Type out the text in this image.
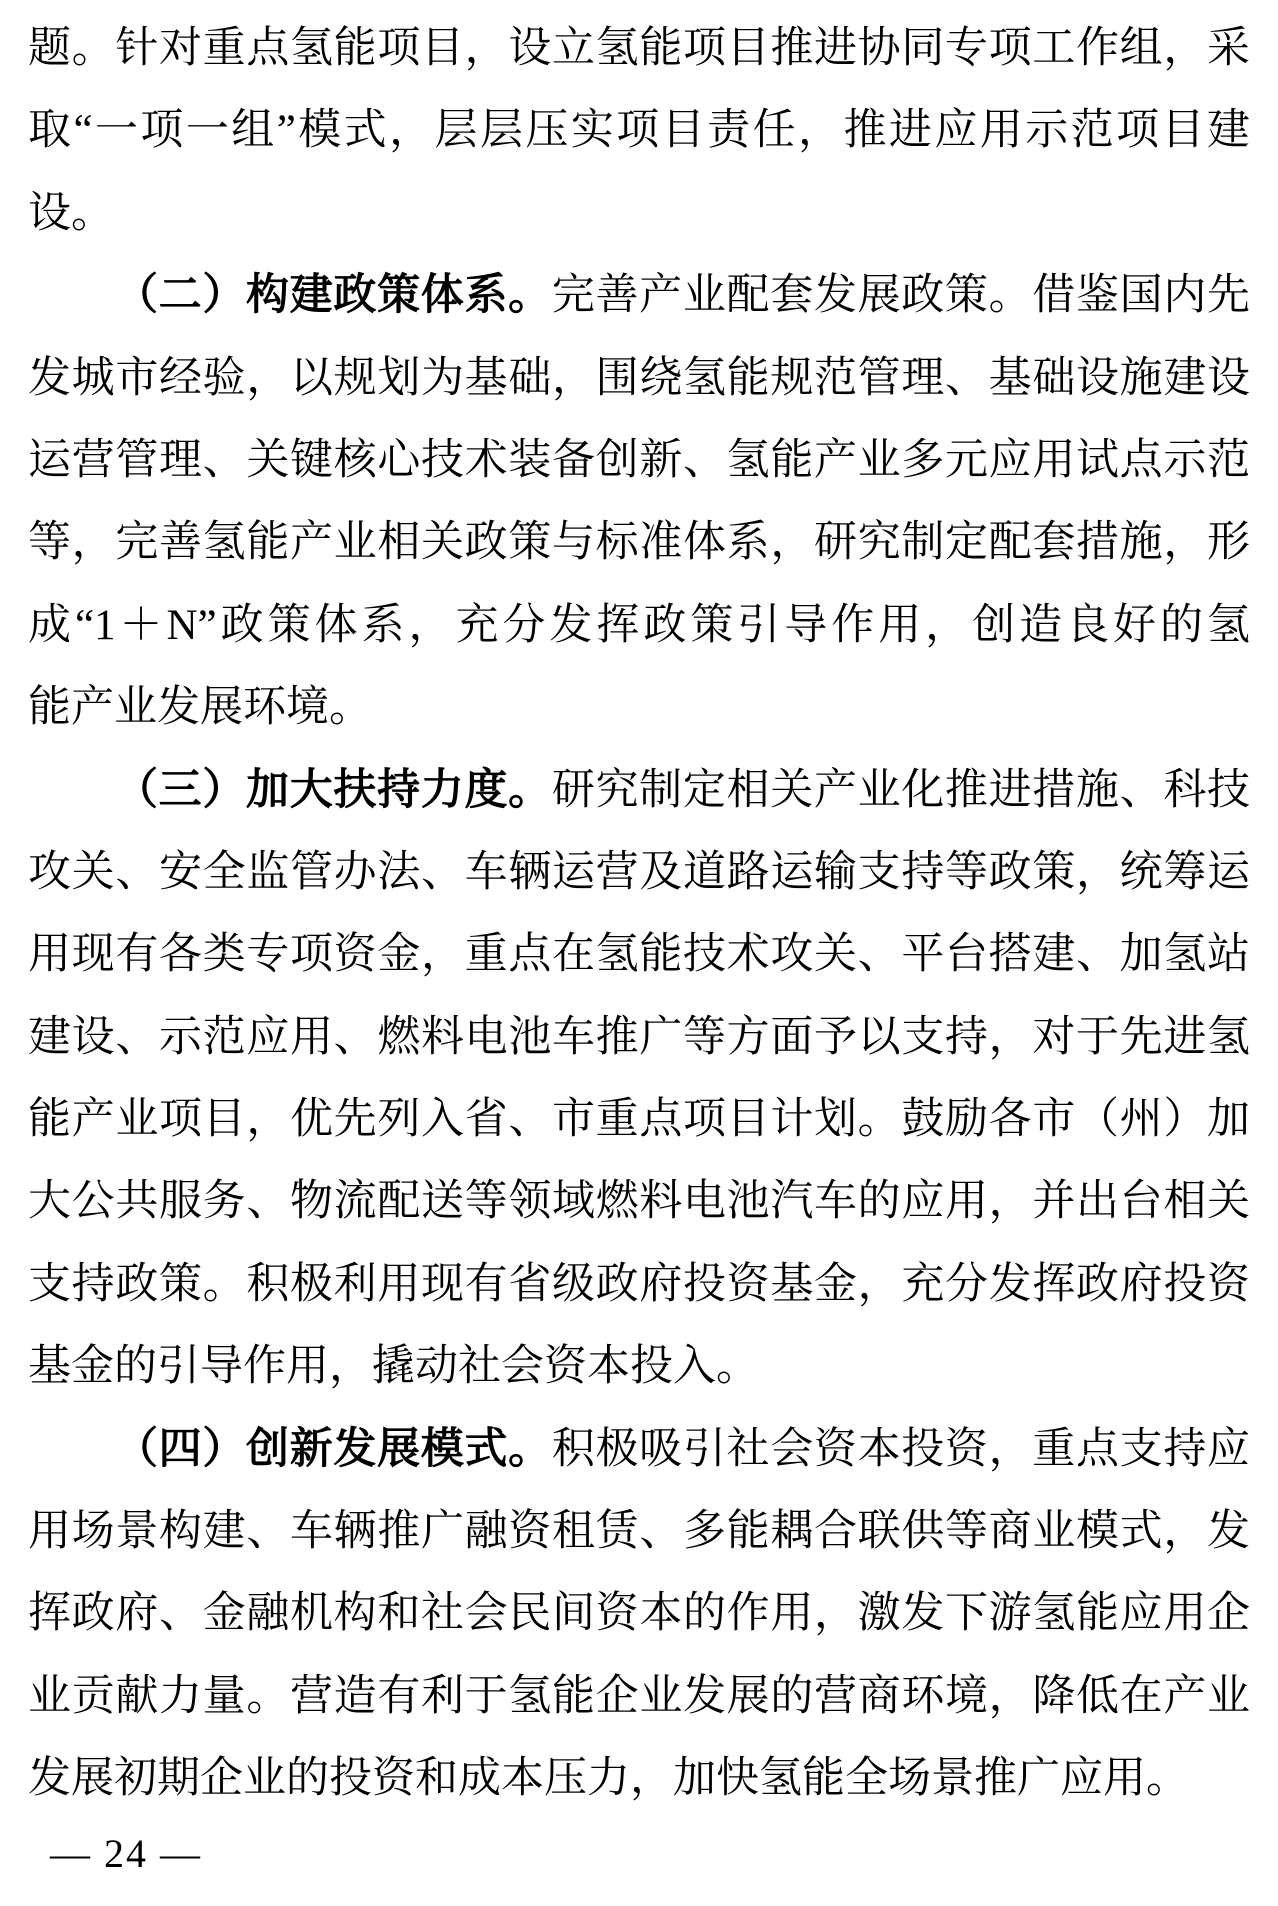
题。针对重点氢能项目，设立氢能项目推进协同专项工作组，采
取“一项一组”模式，层层压实项目责任，推进应用示范项目建
设。
（二）构建政策体系。完善产业配套发展政策。借鉴国内先
发城市经验，以规划为基础，围绕氢能规范管理、基础设施建设
运营管理、关键核心技术装备创新、氢能产业多元应用试点示范
等，完善氢能产业相关政策与标准体系，研究制定配套措施，形
成“1＋N”政策体系，充分发挥政策引导作用，创造良好的氢
能产业发展环境。
（三）加大扶持力度。研究制定相关产业化推进措施、科技
攻关、安全监管办法、车辆运营及道路运输支持等政策，统筹运
用现有各类专项资金，重点在氢能技术攻关、平台搭建、加氢站
建设、示范应用、燃料电池车推广等方面予以支持，对于先进氢
能产业项目，优先列入省、市重点项目计划。鼓励各市（州）加
大公共服务、物流配送等领域燃料电池汽车的应用，并出台相关
支持政策。积极利用现有省级政府投资基金，充分发挥政府投资
基金的引导作用，撬动社会资本投入。
（四）创新发展模式。积极吸引社会资本投资，重点支持应
用场景构建、车辆推广融资租赁、多能耦合联供等商业模式，发
挥政府、金融机构和社会民间资本的作用，激发下游氢能应用企
业贡献力量。营造有利于氢能企业发展的营商环境，降低在产业
发展初期企业的投资和成本压力，加快氢能全场景推广应用。
— 24 —
